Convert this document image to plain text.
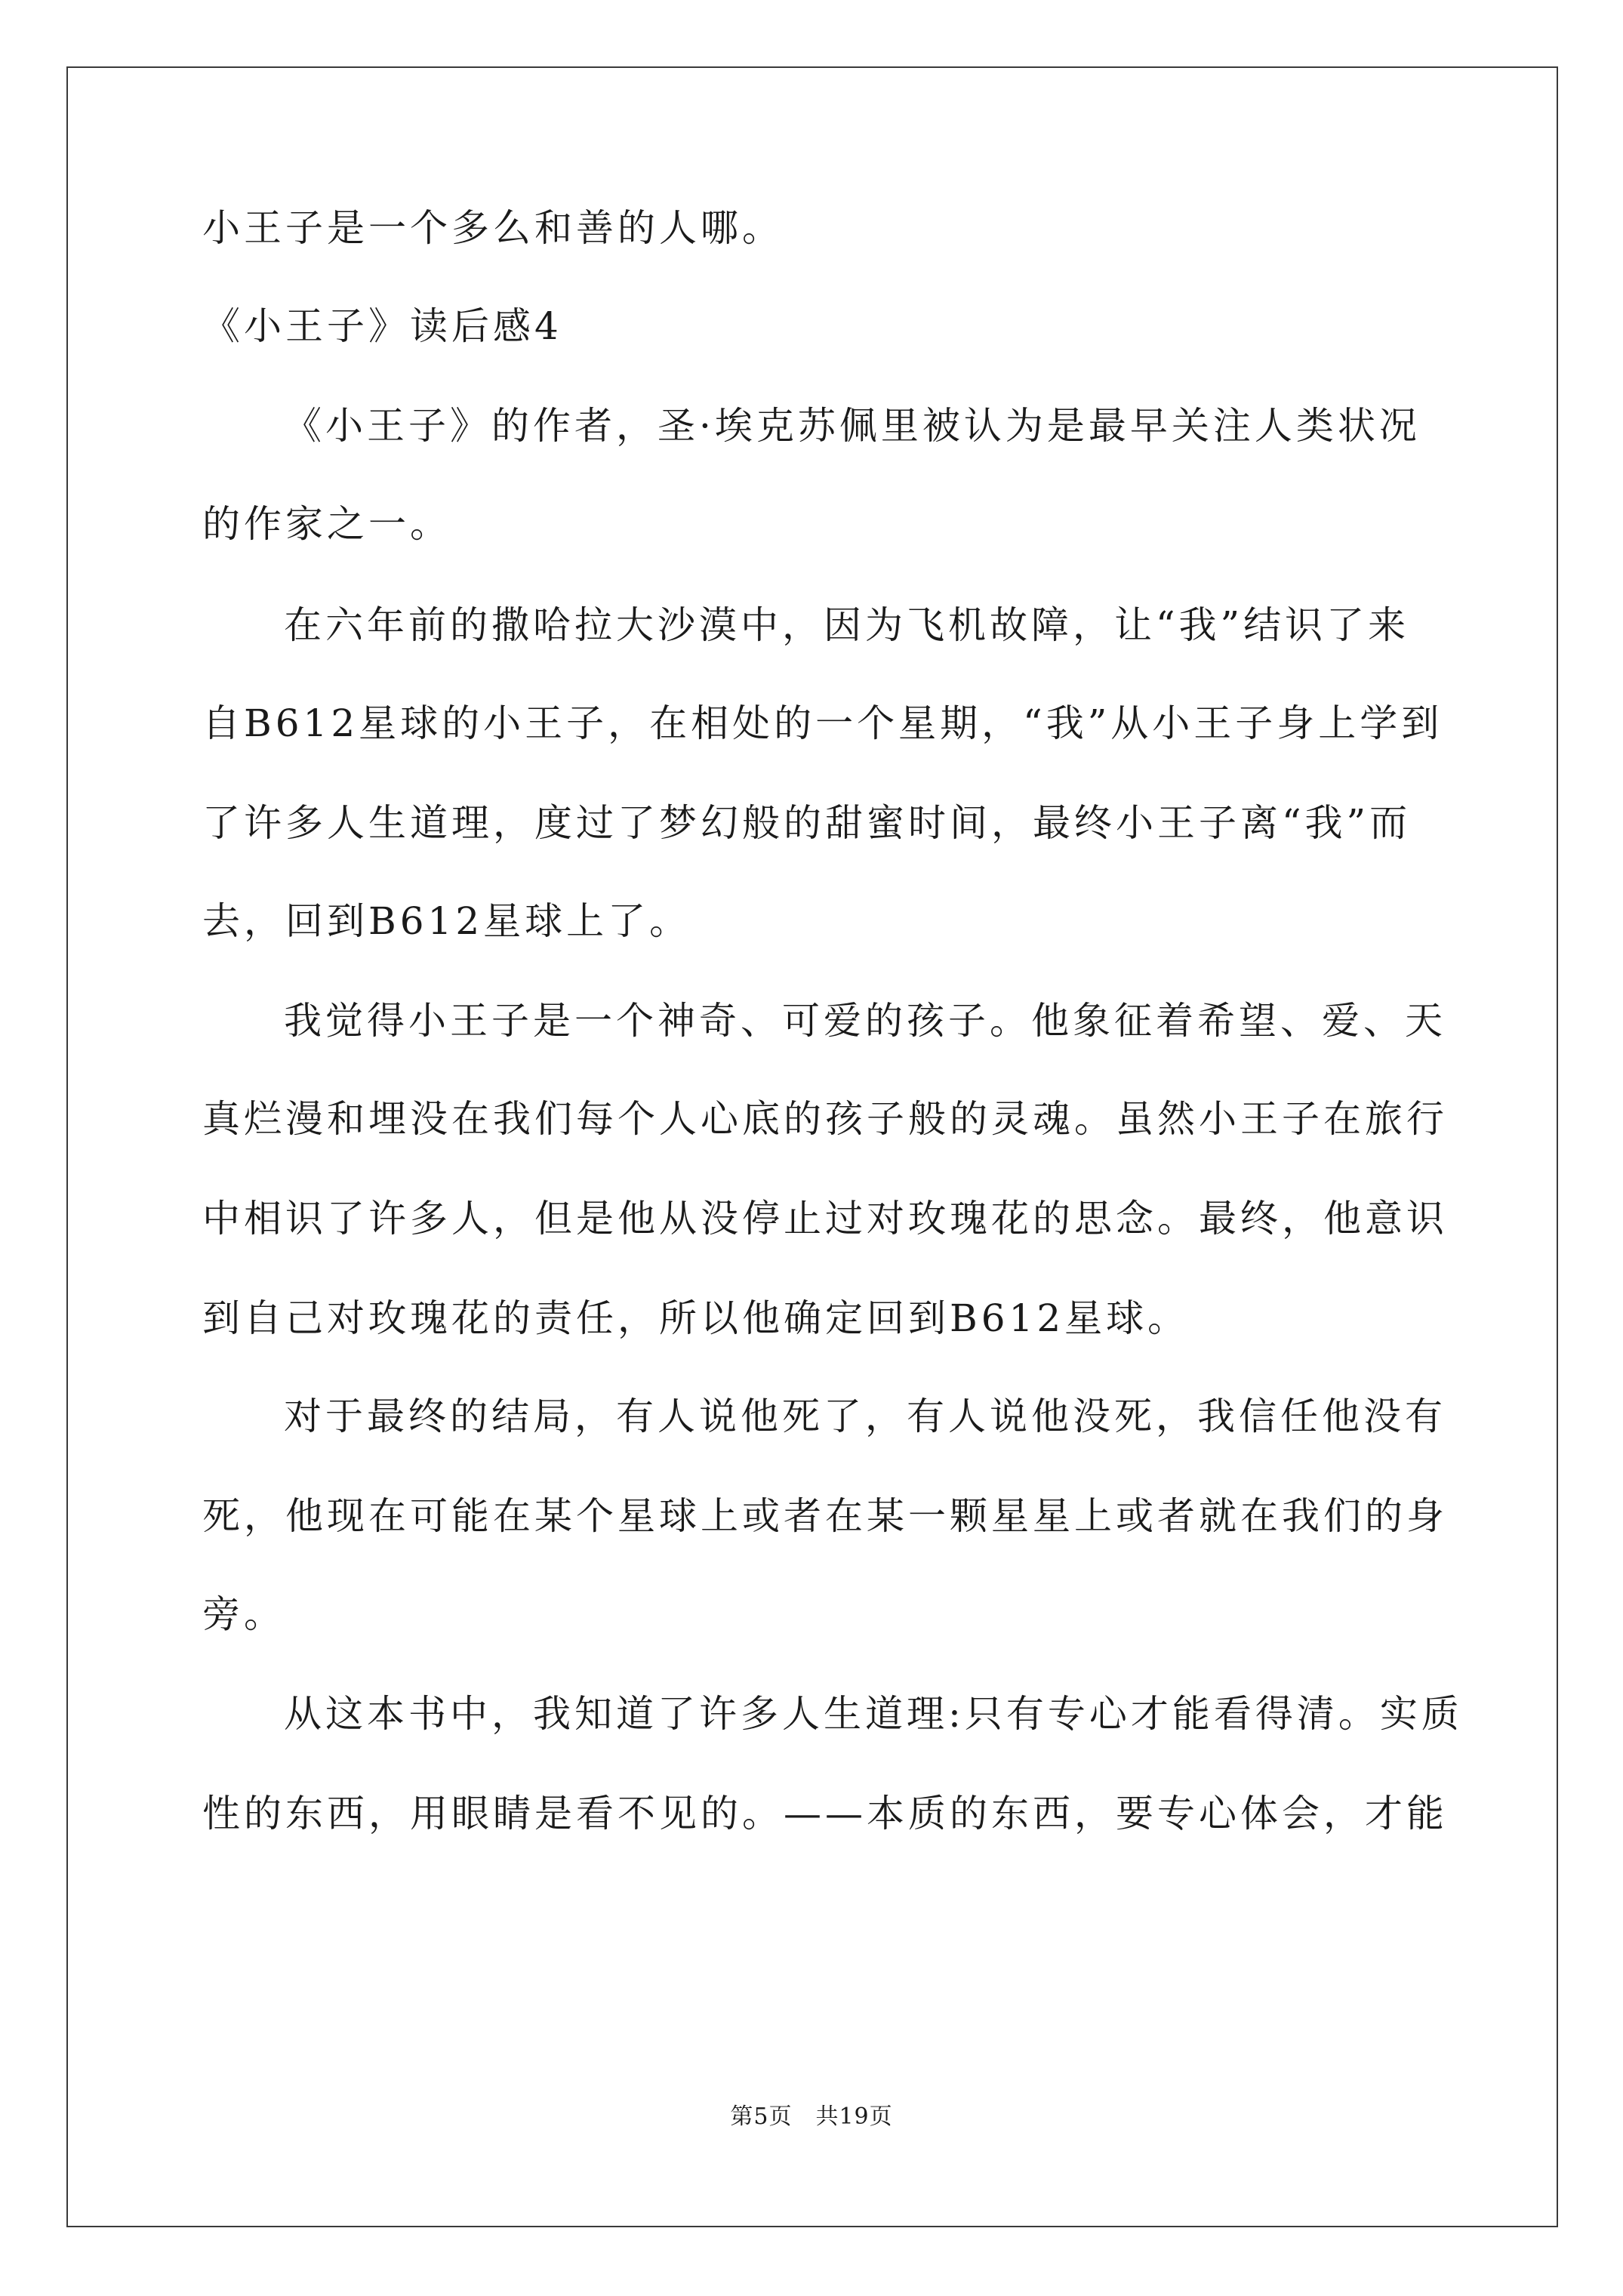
小王子是一个多么和善的人哪。
《小王子》读后感4
《小王子》的作者，圣·埃克苏佩里被认为是最早关注人类状况
的作家之一。
在六年前的撒哈拉大沙漠中，因为飞机故障，让“我”结识了来
自B612星球的小王子，在相处的一个星期，“我”从小王子身上学到
了许多人生道理，度过了梦幻般的甜蜜时间，最终小王子离“我”而
去，回到B612星球上了。
我觉得小王子是一个神奇、可爱的孩子。他象征着希望、爱、天
真烂漫和埋没在我们每个人心底的孩子般的灵魂。虽然小王子在旅行
中相识了许多人，但是他从没停止过对玫瑰花的思念。最终，他意识
到自己对玫瑰花的责任，所以他确定回到B612星球。
对于最终的结局，有人说他死了，有人说他没死，我信任他没有
死，他现在可能在某个星球上或者在某一颗星星上或者就在我们的身
旁。
从这本书中，我知道了许多人生道理:只有专心才能看得清。实质
性的东西，用眼睛是看不见的。——本质的东西，要专心体会，才能
第5页　共19页
